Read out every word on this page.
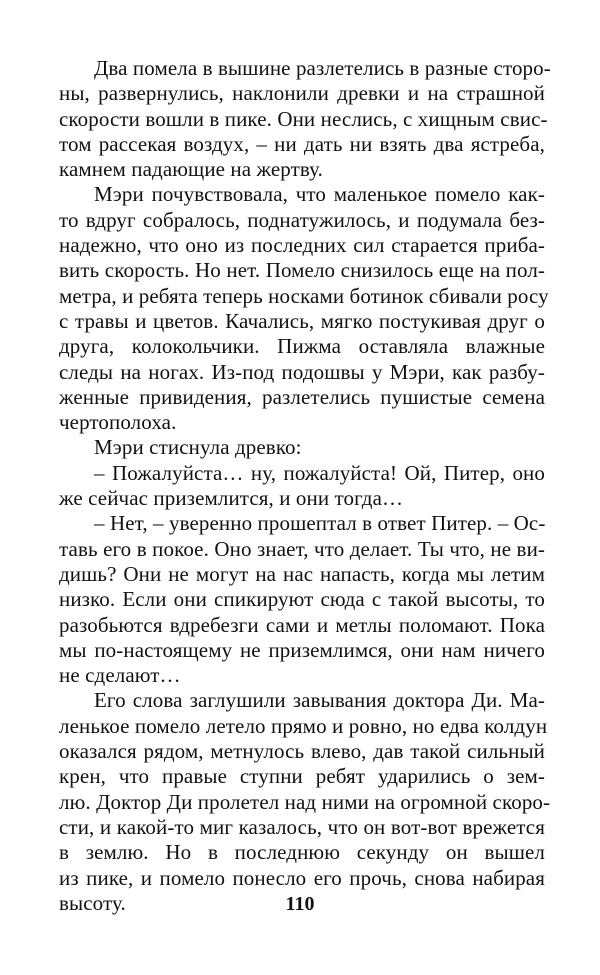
Два помела в вышине разлетелись в разные сторо-
ны, развернулись, наклонили древки и на страшной
скорости вошли в пике. Они неслись, с хищным свис-
том рассекая воздух, – ни дать ни взять два ястреба,
камнем падающие на жертву.
Мэри почувствовала, что маленькое помело как-
то вдруг собралось, поднатужилось, и подумала без-
надежно, что оно из последних сил старается приба-
вить скорость. Но нет. Помело снизилось еще на пол-
метра, и ребята теперь носками ботинок сбивали росу
с травы и цветов. Качались, мягко постукивая друг о
друга, колокольчики. Пижма оставляла влажные
следы на ногах. Из-под подошвы у Мэри, как разбу-
женные привидения, разлетелись пушистые семена
чертополоха.
Мэри стиснула древко:
– Пожалуйста… ну, пожалуйста! Ой, Питер, оно
же сейчас приземлится, и они тогда…
– Нет, – уверенно прошептал в ответ Питер. – Ос-
тавь его в покое. Оно знает, что делает. Ты что, не ви-
дишь? Они не могут на нас напасть, когда мы летим
низко. Если они спикируют сюда с такой высоты, то
разобьются вдребезги сами и метлы поломают. Пока
мы по-настоящему не приземлимся, они нам ничего
не сделают…
Его слова заглушили завывания доктора Ди. Ма-
ленькое помело летело прямо и ровно, но едва колдун
оказался рядом, метнулось влево, дав такой сильный
крен, что правые ступни ребят ударились о зем-
лю. Доктор Ди пролетел над ними на огромной скоро-
сти, и какой-то миг казалось, что он вот-вот врежется
в землю. Но в последнюю секунду он вышел
из пике, и помело понесло его прочь, снова набирая
высоту.	110
